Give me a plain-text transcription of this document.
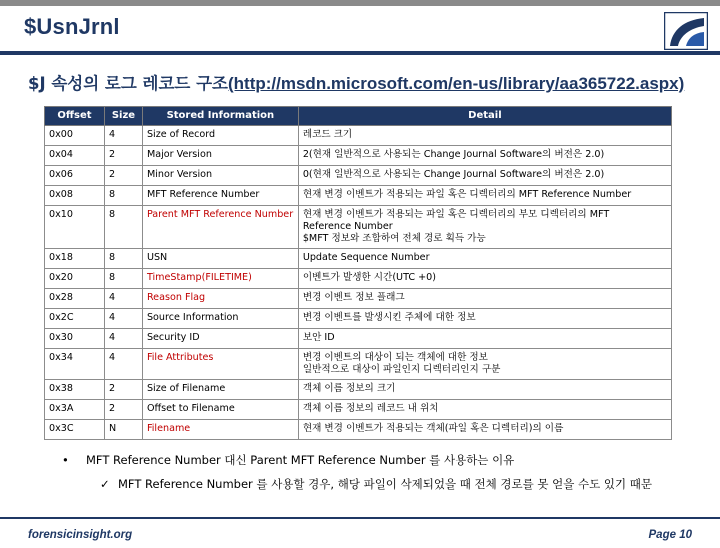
$UsnJrnl
$J 속성의 로그 레코드 구조(http://msdn.microsoft.com/en-us/library/aa365722.aspx)
Offset	Size	Stored Information	Detail
0x00	4	Size of Record	레코드 크기

0x04	2	Major Version	2(현재 일반적으로 사용되는 Change Journal Software의 버전은 2.0)

0x06	2	Minor Version	0(현재 일반적으로 사용되는 Change Journal Software의 버전은 2.0)

0x08	8	MFT Reference Number	현재 변경 이벤트가 적용되는 파일 혹은 디렉터리의 MFT Reference Number

0x10	8	Parent MFT Reference Number	현재 변경 이벤트가 적용되는 파일 혹은 디렉터리의 부모 디렉터리의 MFT
Reference Number
$MFT 정보와 조합하여 전체 경로 획득 가능

0x18	8	USN	Update Sequence Number

0x20	8	TimeStamp(FILETIME)	이벤트가 발생한 시간(UTC +0)

0x28	4	Reason Flag	변경 이벤트 정보 플래그

0x2C	4	Source Information	변경 이벤트를 발생시킨 주체에 대한 정보

0x30	4	Security ID	보안 ID

0x34	4	File Attributes	변경 이벤트의 대상이 되는 객체에 대한 정보
일반적으로 대상이 파일인지 디렉터리인지 구분

0x38	2	Size of Filename	객체 이름 정보의 크기

0x3A	2	Offset to Filename	객체 이름 정보의 레코드 내 위치

0x3C	N	Filename	현재 변경 이벤트가 적용되는 객체(파일 혹은 디렉터리)의 이름
• MFT Reference Number 대신 Parent MFT Reference Number 를 사용하는 이유
✓ MFT Reference Number 를 사용할 경우, 해당 파일이 삭제되었을 때 전체 경로를 못 얻을 수도 있기 때문
forensicinsight.org	Page 10
